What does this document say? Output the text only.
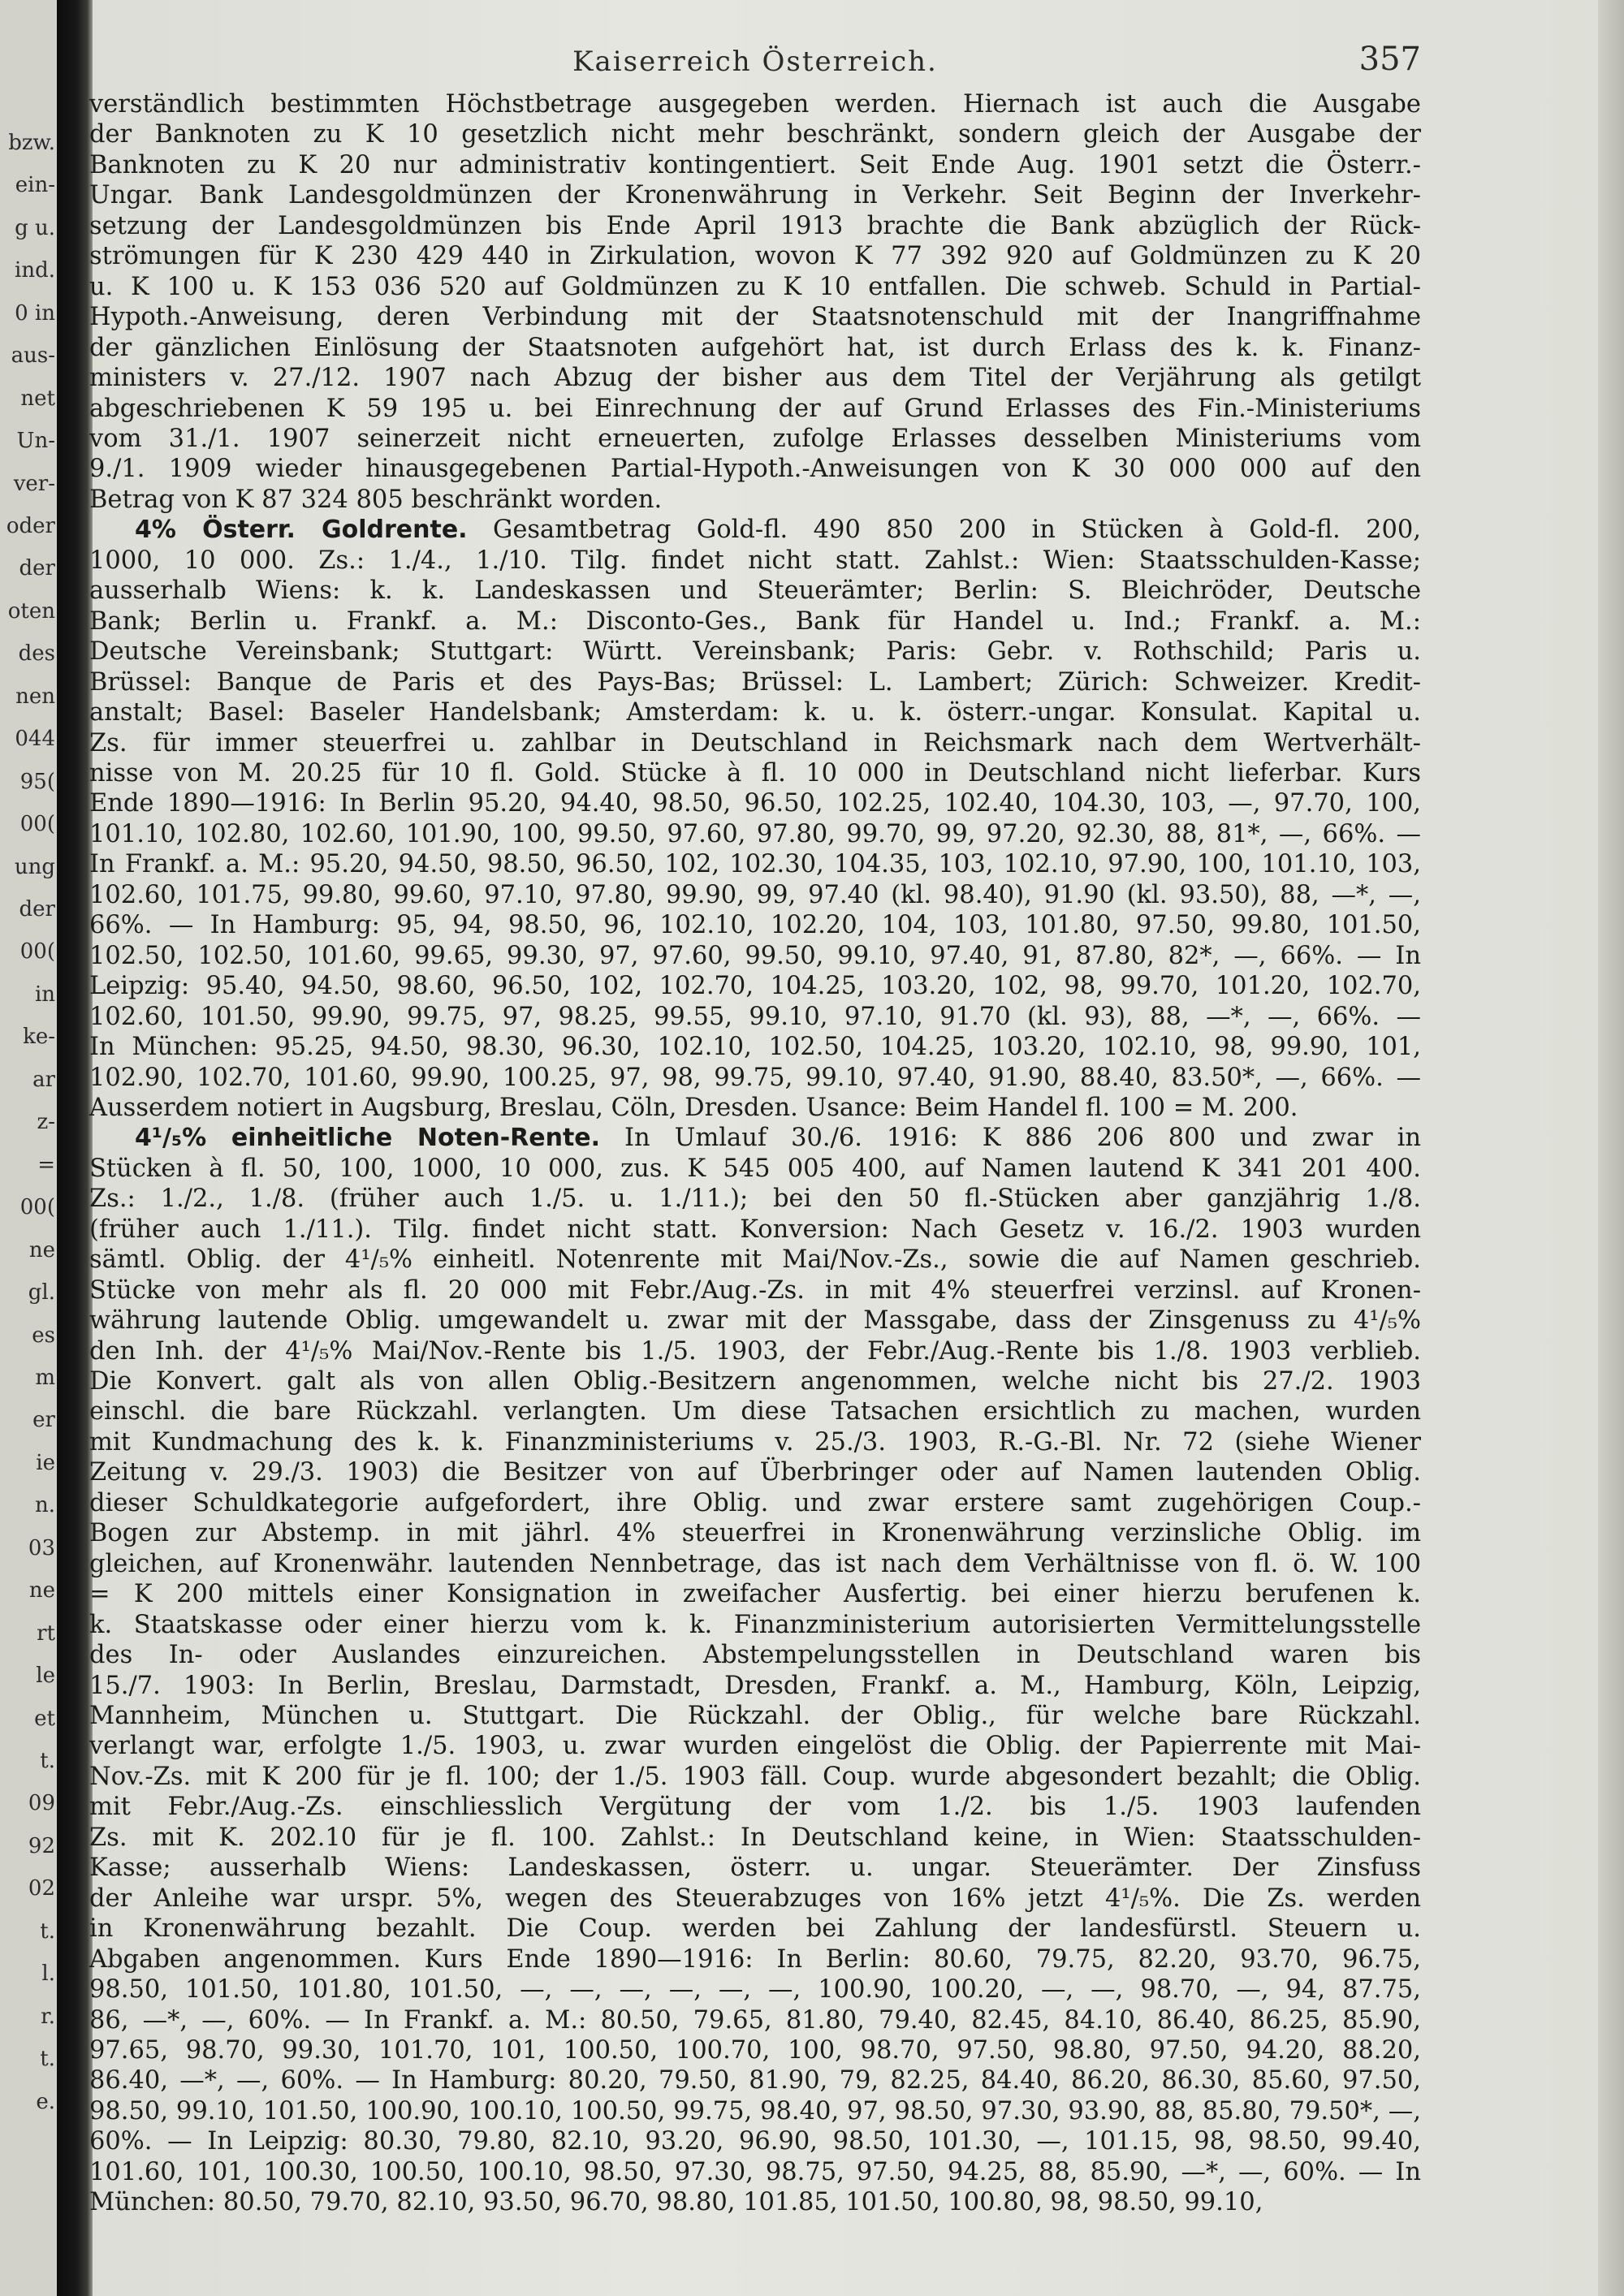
bzw.
ein-
g u.
ind.
0 in
aus-
net
Un-
ver-
oder
der
oten
des
nen
044
95(
00(
ung
der
00(
in
ke-
ar
z-
=
00(
ne
gl.
es
m
er
ie
n.
03
ne
rt
le
et
t.
09
92
02
t.
l.
r.
t.
e.
Kaiserreich Österreich.	357
verständlich bestimmten Höchstbetrage ausgegeben werden. Hiernach ist auch die Ausgabe
der Banknoten zu K 10 gesetzlich nicht mehr beschränkt, sondern gleich der Ausgabe der
Banknoten zu K 20 nur administrativ kontingentiert. Seit Ende Aug. 1901 setzt die Österr.-
Ungar. Bank Landesgoldmünzen der Kronenwährung in Verkehr. Seit Beginn der Inverkehr-
setzung der Landesgoldmünzen bis Ende April 1913 brachte die Bank abzüglich der Rück-
strömungen für K 230 429 440 in Zirkulation, wovon K 77 392 920 auf Goldmünzen zu K 20
u. K 100 u. K 153 036 520 auf Goldmünzen zu K 10 entfallen. Die schweb. Schuld in Partial-
Hypoth.-Anweisung, deren Verbindung mit der Staatsnotenschuld mit der Inangriffnahme
der gänzlichen Einlösung der Staatsnoten aufgehört hat, ist durch Erlass des k. k. Finanz-
ministers v. 27./12. 1907 nach Abzug der bisher aus dem Titel der Verjährung als getilgt
abgeschriebenen K 59 195 u. bei Einrechnung der auf Grund Erlasses des Fin.-Ministeriums
vom 31./1. 1907 seinerzeit nicht erneuerten, zufolge Erlasses desselben Ministeriums vom
9./1. 1909 wieder hinausgegebenen Partial-Hypoth.-Anweisungen von K 30 000 000 auf den
Betrag von K 87 324 805 beschränkt worden.
4% Österr. Goldrente. Gesamtbetrag Gold-fl. 490 850 200 in Stücken à Gold-fl. 200,
1000, 10 000. Zs.: 1./4., 1./10. Tilg. findet nicht statt. Zahlst.: Wien: Staatsschulden-Kasse;
ausserhalb Wiens: k. k. Landeskassen und Steuerämter; Berlin: S. Bleichröder, Deutsche
Bank; Berlin u. Frankf. a. M.: Disconto-Ges., Bank für Handel u. Ind.; Frankf. a. M.:
Deutsche Vereinsbank; Stuttgart: Württ. Vereinsbank; Paris: Gebr. v. Rothschild; Paris u.
Brüssel: Banque de Paris et des Pays-Bas; Brüssel: L. Lambert; Zürich: Schweizer. Kredit-
anstalt; Basel: Baseler Handelsbank; Amsterdam: k. u. k. österr.-ungar. Konsulat. Kapital u.
Zs. für immer steuerfrei u. zahlbar in Deutschland in Reichsmark nach dem Wertverhält-
nisse von M. 20.25 für 10 fl. Gold. Stücke à fl. 10 000 in Deutschland nicht lieferbar. Kurs
Ende 1890—1916: In Berlin 95.20, 94.40, 98.50, 96.50, 102.25, 102.40, 104.30, 103, —, 97.70, 100,
101.10, 102.80, 102.60, 101.90, 100, 99.50, 97.60, 97.80, 99.70, 99, 97.20, 92.30, 88, 81*, —, 66%. —
In Frankf. a. M.: 95.20, 94.50, 98.50, 96.50, 102, 102.30, 104.35, 103, 102.10, 97.90, 100, 101.10, 103,
102.60, 101.75, 99.80, 99.60, 97.10, 97.80, 99.90, 99, 97.40 (kl. 98.40), 91.90 (kl. 93.50), 88, —*, —,
66%. — In Hamburg: 95, 94, 98.50, 96, 102.10, 102.20, 104, 103, 101.80, 97.50, 99.80, 101.50,
102.50, 102.50, 101.60, 99.65, 99.30, 97, 97.60, 99.50, 99.10, 97.40, 91, 87.80, 82*, —, 66%. — In
Leipzig: 95.40, 94.50, 98.60, 96.50, 102, 102.70, 104.25, 103.20, 102, 98, 99.70, 101.20, 102.70,
102.60, 101.50, 99.90, 99.75, 97, 98.25, 99.55, 99.10, 97.10, 91.70 (kl. 93), 88, —*, —, 66%. —
In München: 95.25, 94.50, 98.30, 96.30, 102.10, 102.50, 104.25, 103.20, 102.10, 98, 99.90, 101,
102.90, 102.70, 101.60, 99.90, 100.25, 97, 98, 99.75, 99.10, 97.40, 91.90, 88.40, 83.50*, —, 66%. —
Ausserdem notiert in Augsburg, Breslau, Cöln, Dresden. Usance: Beim Handel fl. 100 = M. 200.
4¹/₅% einheitliche Noten-Rente. In Umlauf 30./6. 1916: K 886 206 800 und zwar in
Stücken à fl. 50, 100, 1000, 10 000, zus. K 545 005 400, auf Namen lautend K 341 201 400.
Zs.: 1./2., 1./8. (früher auch 1./5. u. 1./11.); bei den 50 fl.-Stücken aber ganzjährig 1./8.
(früher auch 1./11.). Tilg. findet nicht statt. Konversion: Nach Gesetz v. 16./2. 1903 wurden
sämtl. Oblig. der 4¹/₅% einheitl. Notenrente mit Mai/Nov.-Zs., sowie die auf Namen geschrieb.
Stücke von mehr als fl. 20 000 mit Febr./Aug.-Zs. in mit 4% steuerfrei verzinsl. auf Kronen-
währung lautende Oblig. umgewandelt u. zwar mit der Massgabe, dass der Zinsgenuss zu 4¹/₅%
den Inh. der 4¹/₅% Mai/Nov.-Rente bis 1./5. 1903, der Febr./Aug.-Rente bis 1./8. 1903 verblieb.
Die Konvert. galt als von allen Oblig.-Besitzern angenommen, welche nicht bis 27./2. 1903
einschl. die bare Rückzahl. verlangten. Um diese Tatsachen ersichtlich zu machen, wurden
mit Kundmachung des k. k. Finanzministeriums v. 25./3. 1903, R.-G.-Bl. Nr. 72 (siehe Wiener
Zeitung v. 29./3. 1903) die Besitzer von auf Überbringer oder auf Namen lautenden Oblig.
dieser Schuldkategorie aufgefordert, ihre Oblig. und zwar erstere samt zugehörigen Coup.-
Bogen zur Abstemp. in mit jährl. 4% steuerfrei in Kronenwährung verzinsliche Oblig. im
gleichen, auf Kronenwähr. lautenden Nennbetrage, das ist nach dem Verhältnisse von fl. ö. W. 100
= K 200 mittels einer Konsignation in zweifacher Ausfertig. bei einer hierzu berufenen k.
k. Staatskasse oder einer hierzu vom k. k. Finanzministerium autorisierten Vermittelungsstelle
des In- oder Auslandes einzureichen. Abstempelungsstellen in Deutschland waren bis
15./7. 1903: In Berlin, Breslau, Darmstadt, Dresden, Frankf. a. M., Hamburg, Köln, Leipzig,
Mannheim, München u. Stuttgart. Die Rückzahl. der Oblig., für welche bare Rückzahl.
verlangt war, erfolgte 1./5. 1903, u. zwar wurden eingelöst die Oblig. der Papierrente mit Mai-
Nov.-Zs. mit K 200 für je fl. 100; der 1./5. 1903 fäll. Coup. wurde abgesondert bezahlt; die Oblig.
mit Febr./Aug.-Zs. einschliesslich Vergütung der vom 1./2. bis 1./5. 1903 laufenden
Zs. mit K. 202.10 für je fl. 100. Zahlst.: In Deutschland keine, in Wien: Staatsschulden-
Kasse; ausserhalb Wiens: Landeskassen, österr. u. ungar. Steuerämter. Der Zinsfuss
der Anleihe war urspr. 5%, wegen des Steuerabzuges von 16% jetzt 4¹/₅%. Die Zs. werden
in Kronenwährung bezahlt. Die Coup. werden bei Zahlung der landesfürstl. Steuern u.
Abgaben angenommen. Kurs Ende 1890—1916: In Berlin: 80.60, 79.75, 82.20, 93.70, 96.75,
98.50, 101.50, 101.80, 101.50, —, —, —, —, —, —, 100.90, 100.20, —, —, 98.70, —, 94, 87.75,
86, —*, —, 60%. — In Frankf. a. M.: 80.50, 79.65, 81.80, 79.40, 82.45, 84.10, 86.40, 86.25, 85.90,
97.65, 98.70, 99.30, 101.70, 101, 100.50, 100.70, 100, 98.70, 97.50, 98.80, 97.50, 94.20, 88.20,
86.40, —*, —, 60%. — In Hamburg: 80.20, 79.50, 81.90, 79, 82.25, 84.40, 86.20, 86.30, 85.60, 97.50,
98.50, 99.10, 101.50, 100.90, 100.10, 100.50, 99.75, 98.40, 97, 98.50, 97.30, 93.90, 88, 85.80, 79.50*, —,
60%. — In Leipzig: 80.30, 79.80, 82.10, 93.20, 96.90, 98.50, 101.30, —, 101.15, 98, 98.50, 99.40,
101.60, 101, 100.30, 100.50, 100.10, 98.50, 97.30, 98.75, 97.50, 94.25, 88, 85.90, —*, —, 60%. — In
München: 80.50, 79.70, 82.10, 93.50, 96.70, 98.80, 101.85, 101.50, 100.80, 98, 98.50, 99.10,
